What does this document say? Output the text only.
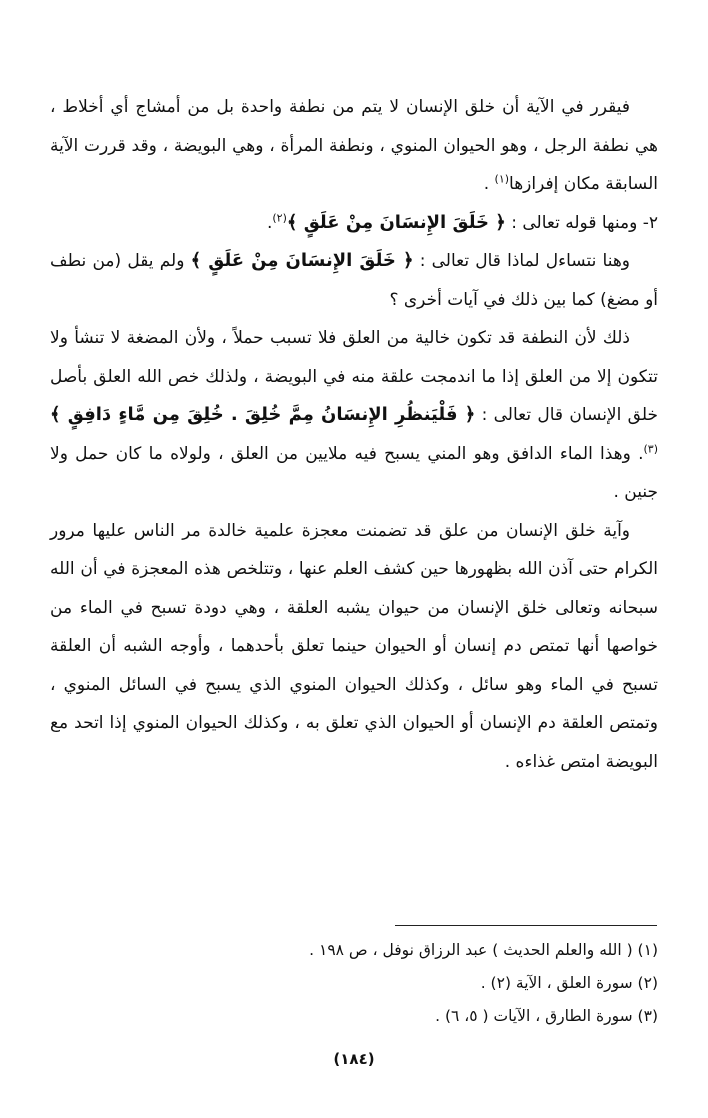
فيقرر في الآية أن خلق الإنسان لا يتم من نطفة واحدة بل من أمشاج أي أخلاط ، هي نطفة الرجل ، وهو الحيوان المنوي ، ونطفة المرأة ، وهي البويضة ، وقد قررت الآية السابقة مكان إفرازها$^{(١)}$ .

٢- ومنها قوله تعالى : ﴿ خَلَقَ الإِنسَانَ مِنْ عَلَقٍ ﴾$^{(٢)}$.

وهنا نتساءل لماذا قال تعالى : ﴿ خَلَقَ الإِنسَانَ مِنْ عَلَقٍ ﴾ ولم يقل (من نطف أو مضغ) كما بين ذلك في آيات أخرى ؟

ذلك لأن النطفة قد تكون خالية من العلق فلا تسبب حملاً ، ولأن المضغة لا تنشأ ولا تتكون إلا من العلق إذا ما اندمجت علقة منه في البويضة ، ولذلك خص الله العلق بأصل خلق الإنسان قال تعالى : ﴿ فَلْيَنظُرِ الإِنسَانُ مِمَّ خُلِقَ . خُلِقَ مِن مَّاءٍ دَافِقٍ ﴾$^{(٣)}$. وهذا الماء الدافق وهو المني يسبح فيه ملايين من العلق ، ولولاه ما كان حمل ولا جنين .

وآية خلق الإنسان من علق قد تضمنت معجزة علمية خالدة مر الناس عليها مرور الكرام حتى آذن الله بظهورها حين كشف العلم عنها ، وتتلخص هذه المعجزة في أن الله سبحانه وتعالى خلق الإنسان من حيوان يشبه العلقة ، وهي دودة تسبح في الماء من خواصها أنها تمتص دم إنسان أو الحيوان حينما تعلق بأحدهما ، وأوجه الشبه أن العلقة تسبح في الماء وهو سائل ، وكذلك الحيوان المنوي الذي يسبح في السائل المنوي ، وتمتص العلقة دم الإنسان أو الحيوان الذي تعلق به ، وكذلك الحيوان المنوي إذا اتحد مع البويضة امتص غذاءه .

(١) ( الله والعلم الحديث ) عبد الرزاق نوفل ، ص ١٩٨ .

(٢) سورة العلق ، الآية (٢) .

(٣) سورة الطارق ، الآيات ( ٥، ٦) .

(١٨٤)
